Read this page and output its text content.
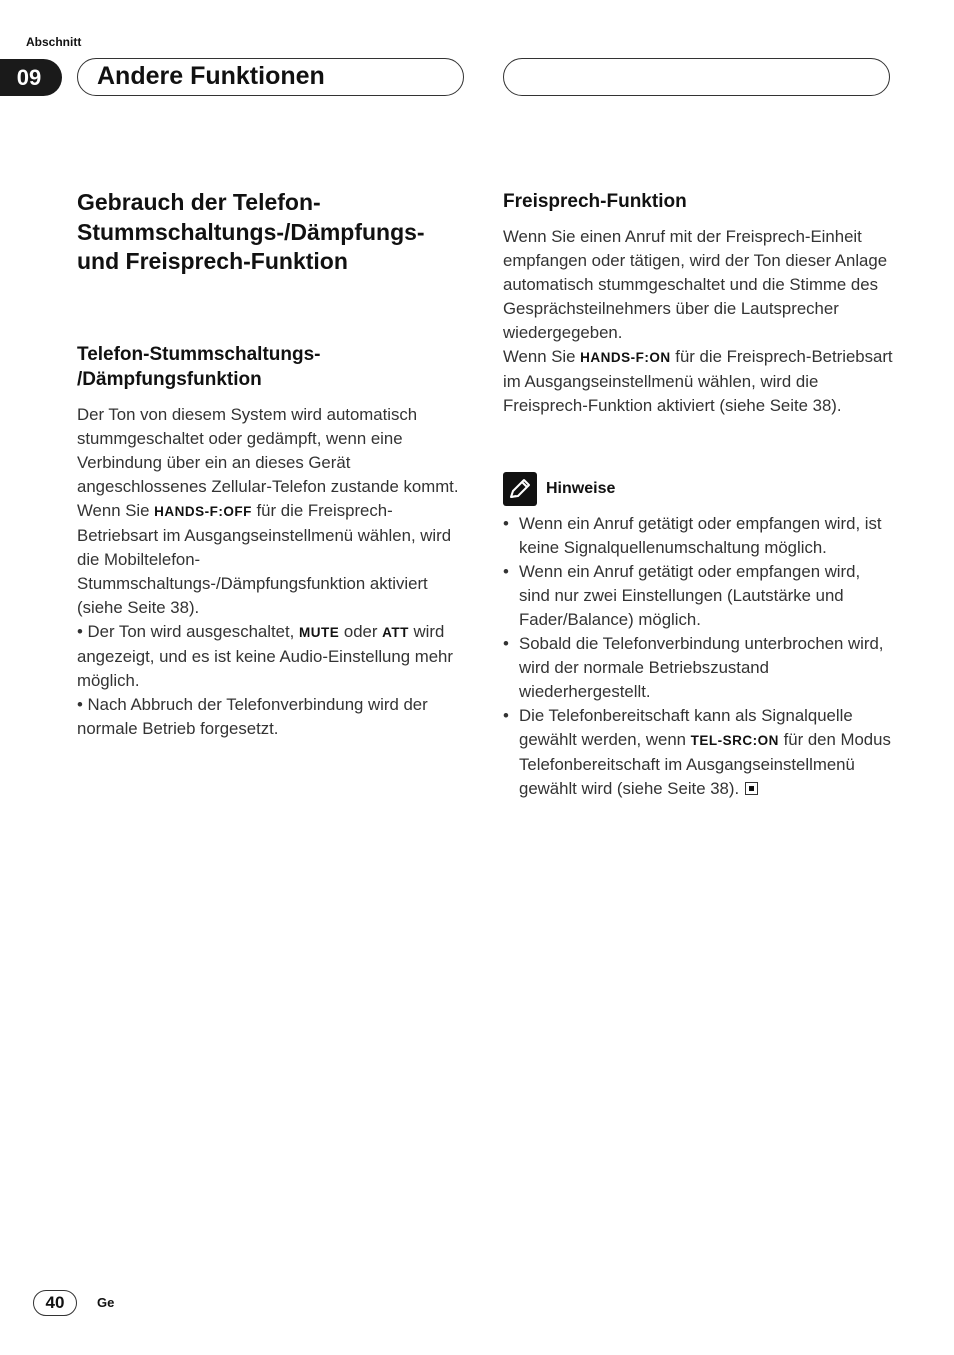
Abschnitt
09	Andere Funktionen
Gebrauch der Telefon-
Stummschaltungs-/Dämpfungs-
und Freisprech-Funktion
Telefon-Stummschaltungs-
/Dämpfungsfunktion

Der Ton von diesem System wird automatisch stummgeschaltet oder gedämpft, wenn eine Verbindung über ein an dieses Gerät angeschlossenes Zellular-Telefon zustande kommt.

Wenn Sie HANDS-F:OFF für die Freisprech-Betriebsart im Ausgangseinstellmenü wählen, wird die Mobiltelefon-Stummschaltungs-/Dämpfungsfunktion aktiviert (siehe Seite 38).

• Der Ton wird ausgeschaltet, MUTE oder ATT wird angezeigt, und es ist keine Audio-Einstellung mehr möglich.

• Nach Abbruch der Telefonverbindung wird der normale Betrieb forgesetzt.

Freisprech-Funktion

Wenn Sie einen Anruf mit der Freisprech-Einheit empfangen oder tätigen, wird der Ton dieser Anlage automatisch stummgeschaltet und die Stimme des Gesprächsteilnehmers über die Lautsprecher wiedergegeben.

Wenn Sie HANDS-F:ON für die Freisprech-Betriebsart im Ausgangseinstellmenü wählen, wird die Freisprech-Funktion aktiviert (siehe Seite 38).

Hinweise
• Wenn ein Anruf getätigt oder empfangen wird, ist keine Signalquellenumschaltung möglich.
• Wenn ein Anruf getätigt oder empfangen wird, sind nur zwei Einstellungen (Lautstärke und Fader/Balance) möglich.
• Sobald die Telefonverbindung unterbrochen wird, wird der normale Betriebszustand wiederhergestellt.
• Die Telefonbereitschaft kann als Signalquelle gewählt werden, wenn TEL-SRC:ON für den Modus Telefonbereitschaft im Ausgangseinstellmenü gewählt wird (siehe Seite 38).
40	Ge
